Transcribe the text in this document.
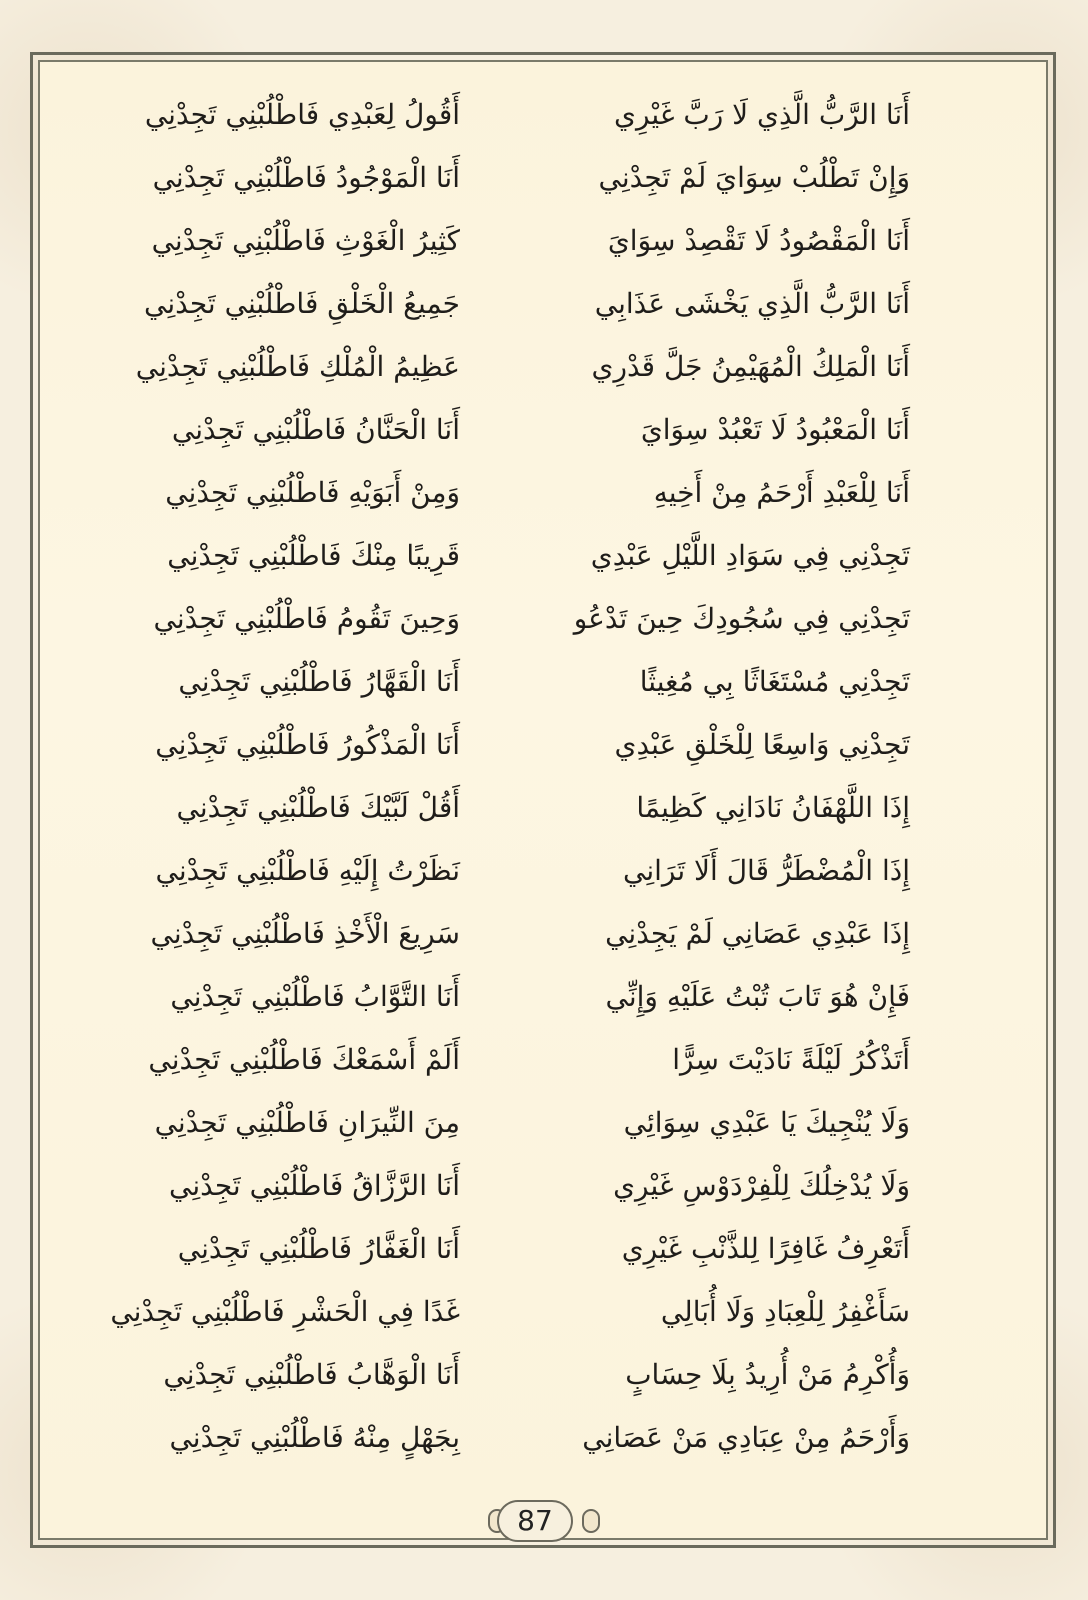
أَنَا الرَّبُّ الَّذِي لَا رَبَّ غَيْرِي
أَقُولُ لِعَبْدِي فَاطْلُبْنِي تَجِدْنِي
وَإِنْ تَطْلُبْ سِوَايَ لَمْ تَجِدْنِي
أَنَا الْمَوْجُودُ فَاطْلُبْنِي تَجِدْنِي
أَنَا الْمَقْصُودُ لَا تَقْصِدْ سِوَايَ
كَثِيرُ الْغَوْثِ فَاطْلُبْنِي تَجِدْنِي
أَنَا الرَّبُّ الَّذِي يَخْشَى عَذَابِي
جَمِيعُ الْخَلْقِ فَاطْلُبْنِي تَجِدْنِي
أَنَا الْمَلِكُ الْمُهَيْمِنُ جَلَّ قَدْرِي
عَظِيمُ الْمُلْكِ فَاطْلُبْنِي تَجِدْنِي
أَنَا الْمَعْبُودُ لَا تَعْبُدْ سِوَايَ
أَنَا الْحَنَّانُ فَاطْلُبْنِي تَجِدْنِي
أَنَا لِلْعَبْدِ أَرْحَمُ مِنْ أَخِيهِ
وَمِنْ أَبَوَيْهِ فَاطْلُبْنِي تَجِدْنِي
تَجِدْنِي فِي سَوَادِ اللَّيْلِ عَبْدِي
قَرِيبًا مِنْكَ فَاطْلُبْنِي تَجِدْنِي
تَجِدْنِي فِي سُجُودِكَ حِينَ تَدْعُو
وَحِينَ تَقُومُ فَاطْلُبْنِي تَجِدْنِي
تَجِدْنِي مُسْتَغَاثًا بِي مُغِيثًا
أَنَا الْقَهَّارُ فَاطْلُبْنِي تَجِدْنِي
تَجِدْنِي وَاسِعًا لِلْخَلْقِ عَبْدِي
أَنَا الْمَذْكُورُ فَاطْلُبْنِي تَجِدْنِي
إِذَا اللَّهْفَانُ نَادَانِي كَظِيمًا
أَقُلْ لَبَّيْكَ فَاطْلُبْنِي تَجِدْنِي
إِذَا الْمُضْطَرُّ قَالَ أَلَا تَرَانِي
نَظَرْتُ إِلَيْهِ فَاطْلُبْنِي تَجِدْنِي
إِذَا عَبْدِي عَصَانِي لَمْ يَجِدْنِي
سَرِيعَ الْأَخْذِ فَاطْلُبْنِي تَجِدْنِي
فَإِنْ هُوَ تَابَ تُبْتُ عَلَيْهِ وَإِنِّي
أَنَا التَّوَّابُ فَاطْلُبْنِي تَجِدْنِي
أَتَذْكُرُ لَيْلَةً نَادَيْتَ سِرًّا
أَلَمْ أَسْمَعْكَ فَاطْلُبْنِي تَجِدْنِي
وَلَا يُنْجِيكَ يَا عَبْدِي سِوَائِي
مِنَ النِّيرَانِ فَاطْلُبْنِي تَجِدْنِي
وَلَا يُدْخِلُكَ لِلْفِرْدَوْسِ غَيْرِي
أَنَا الرَّزَّاقُ فَاطْلُبْنِي تَجِدْنِي
أَتَعْرِفُ غَافِرًا لِلذَّنْبِ غَيْرِي
أَنَا الْغَفَّارُ فَاطْلُبْنِي تَجِدْنِي
سَأَغْفِرُ لِلْعِبَادِ وَلَا أُبَالِي
غَدًا فِي الْحَشْرِ فَاطْلُبْنِي تَجِدْنِي
وَأُكْرِمُ مَنْ أُرِيدُ بِلَا حِسَابٍ
أَنَا الْوَهَّابُ فَاطْلُبْنِي تَجِدْنِي
وَأَرْحَمُ مِنْ عِبَادِي مَنْ عَصَانِي
بِجَهْلٍ مِنْهُ فَاطْلُبْنِي تَجِدْنِي
87
